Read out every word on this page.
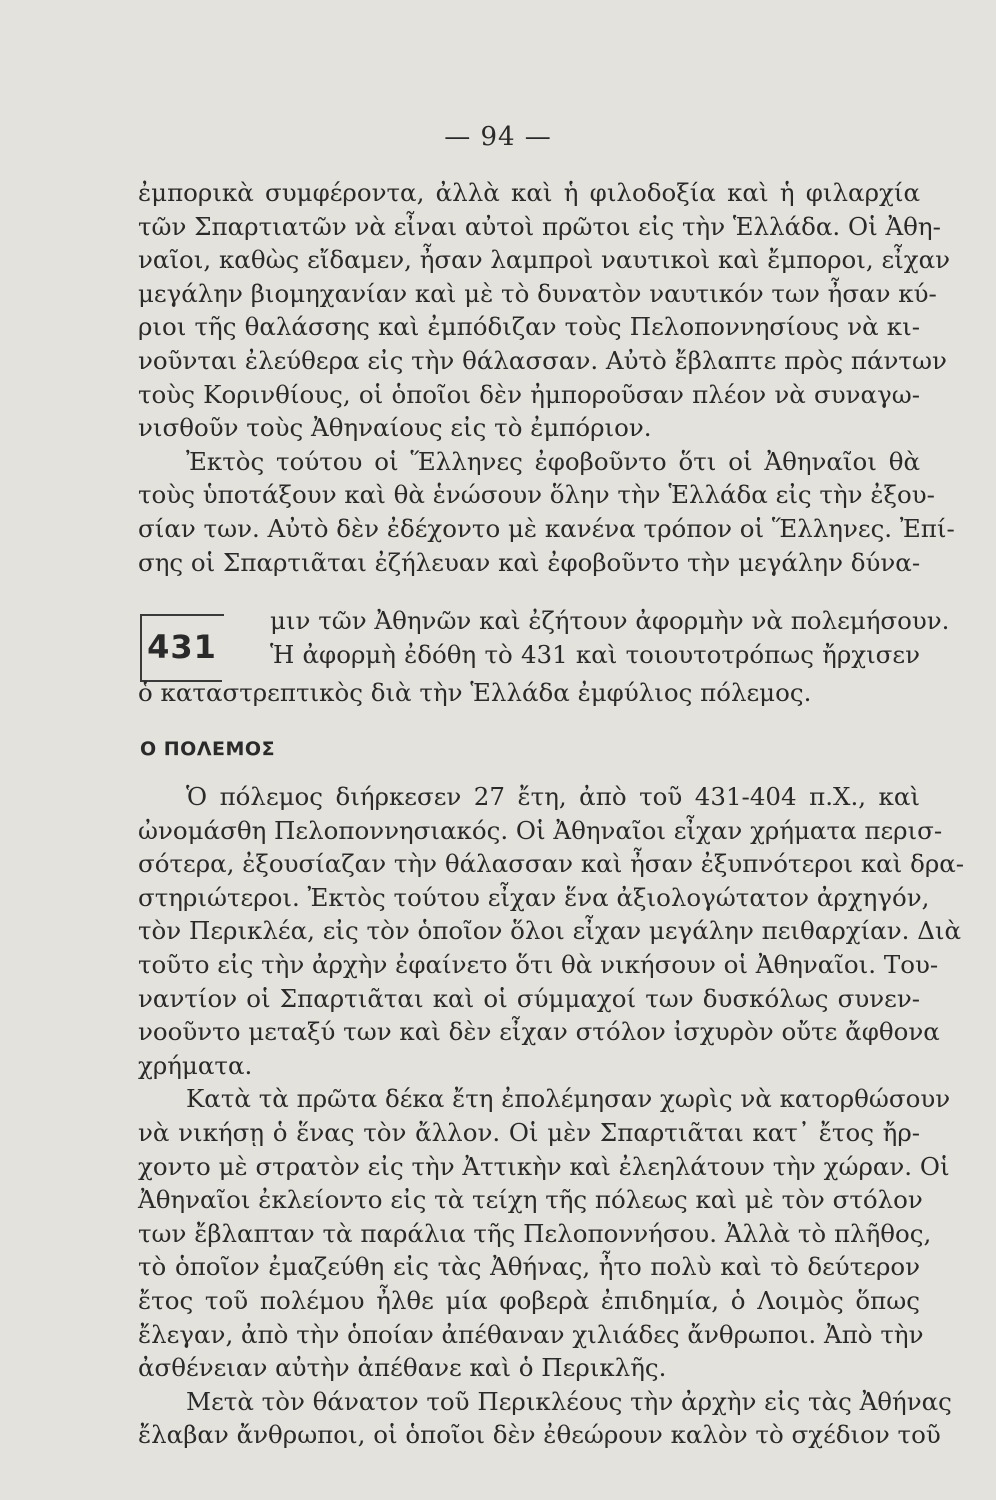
— 94 —
ἐμπορικὰ συμφέροντα, ἀλλὰ καὶ ἡ φιλοδοξία καὶ ἡ φιλαρχία
τῶν Σπαρτιατῶν νὰ εἶναι αὐτοὶ πρῶτοι εἰς τὴν Ἑλλάδα. Οἱ Ἀθη-
ναῖοι, καθὼς εἴδαμεν, ἦσαν λαμπροὶ ναυτικοὶ καὶ ἔμποροι, εἶχαν
μεγάλην βιομηχανίαν καὶ μὲ τὸ δυνατὸν ναυτικόν των ἦσαν κύ-
ριοι τῆς θαλάσσης καὶ ἐμπόδιζαν τοὺς Πελοποννησίους νὰ κι-
νοῦνται ἐλεύθερα εἰς τὴν θάλασσαν. Αὐτὸ ἔβλαπτε πρὸς πάντων
τοὺς Κορινθίους, οἱ ὁποῖοι δὲν ἠμποροῦσαν πλέον νὰ συναγω-
νισθοῦν τοὺς Ἀθηναίους εἰς τὸ ἐμπόριον.
Ἐκτὸς τούτου οἱ Ἕλληνες ἐφοβοῦντο ὅτι οἱ Ἀθηναῖοι θὰ
τοὺς ὑποτάξουν καὶ θὰ ἑνώσουν ὅλην τὴν Ἑλλάδα εἰς τὴν ἐξου-
σίαν των. Αὐτὸ δὲν ἐδέχοντο μὲ κανένα τρόπον οἱ Ἕλληνες. Ἐπί-
σης οἱ Σπαρτιᾶται ἐζήλευαν καὶ ἐφοβοῦντο τὴν μεγάλην δύνα-
431
μιν τῶν Ἀθηνῶν καὶ ἐζήτουν ἀφορμὴν νὰ πολεμήσουν.
Ἡ ἀφορμὴ ἐδόθη τὸ 431 καὶ τοιουτοτρόπως ἤρχισεν
ὁ καταστρεπτικὸς διὰ τὴν Ἑλλάδα ἐμφύλιος πόλεμος.
Ο ΠΟΛΕΜΟΣ
Ὁ πόλεμος διήρκεσεν 27 ἔτη, ἀπὸ τοῦ 431-404 π.Χ., καὶ
ὠνομάσθη Πελοποννησιακός. Οἱ Ἀθηναῖοι εἶχαν χρήματα περισ-
σότερα, ἐξουσίαζαν τὴν θάλασσαν καὶ ἦσαν ἐξυπνότεροι καὶ δρα-
στηριώτεροι. Ἐκτὸς τούτου εἶχαν ἕνα ἀξιολογώτατον ἀρχηγόν,
τὸν Περικλέα, εἰς τὸν ὁποῖον ὅλοι εἶχαν μεγάλην πειθαρχίαν. Διὰ
τοῦτο εἰς τὴν ἀρχὴν ἐφαίνετο ὅτι θὰ νικήσουν οἱ Ἀθηναῖοι. Του-
ναντίον οἱ Σπαρτιᾶται καὶ οἱ σύμμαχοί των δυσκόλως συνεν-
νοοῦντο μεταξύ των καὶ δὲν εἶχαν στόλον ἰσχυρὸν οὔτε ἄφθονα
χρήματα.
Κατὰ τὰ πρῶτα δέκα ἔτη ἐπολέμησαν χωρὶς νὰ κατορθώσουν
νὰ νικήσῃ ὁ ἕνας τὸν ἄλλον. Οἱ μὲν Σπαρτιᾶται κατ᾽ ἔτος ἤρ-
χοντο μὲ στρατὸν εἰς τὴν Ἀττικὴν καὶ ἐλεηλάτουν τὴν χώραν. Οἱ
Ἀθηναῖοι ἐκλείοντο εἰς τὰ τείχη τῆς πόλεως καὶ μὲ τὸν στόλον
των ἔβλαπταν τὰ παράλια τῆς Πελοποννήσου. Ἀλλὰ τὸ πλῆθος,
τὸ ὁποῖον ἐμαζεύθη εἰς τὰς Ἀθήνας, ἦτο πολὺ καὶ τὸ δεύτερον
ἔτος τοῦ πολέμου ἦλθε μία φοβερὰ ἐπιδημία, ὁ Λοιμὸς ὅπως
ἔλεγαν, ἀπὸ τὴν ὁποίαν ἀπέθαναν χιλιάδες ἄνθρωποι. Ἀπὸ τὴν
ἀσθένειαν αὐτὴν ἀπέθανε καὶ ὁ Περικλῆς.
Μετὰ τὸν θάνατον τοῦ Περικλέους τὴν ἀρχὴν εἰς τὰς Ἀθήνας
ἔλαβαν ἄνθρωποι, οἱ ὁποῖοι δὲν ἐθεώρουν καλὸν τὸ σχέδιον τοῦ
